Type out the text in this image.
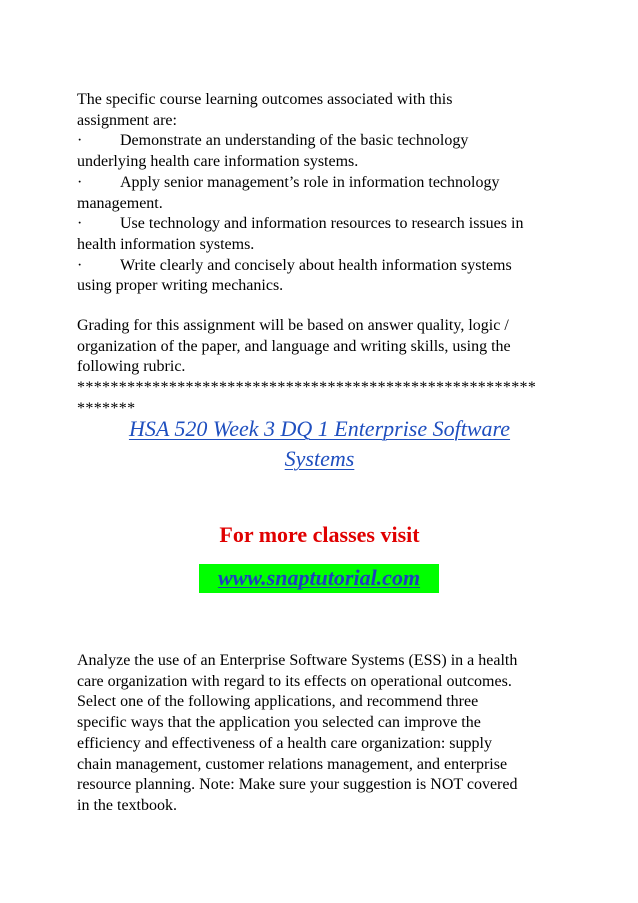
The specific course learning outcomes associated with this
assignment are:
· Demonstrate an understanding of the basic technology
underlying health care information systems.
· Apply senior management’s role in information technology
management.
· Use technology and information resources to research issues in
health information systems.
· Write clearly and concisely about health information systems
using proper writing mechanics.
Grading for this assignment will be based on answer quality, logic /
organization of the paper, and language and writing skills, using the
following rubric.
*******************************************************
*******
HSA 520 Week 3 DQ 1 Enterprise Software
Systems
For more classes visit
www.snaptutorial.com
Analyze the use of an Enterprise Software Systems (ESS) in a health
care organization with regard to its effects on operational outcomes.
Select one of the following applications, and recommend three
specific ways that the application you selected can improve the
efficiency and effectiveness of a health care organization: supply
chain management, customer relations management, and enterprise
resource planning. Note: Make sure your suggestion is NOT covered
in the textbook.
